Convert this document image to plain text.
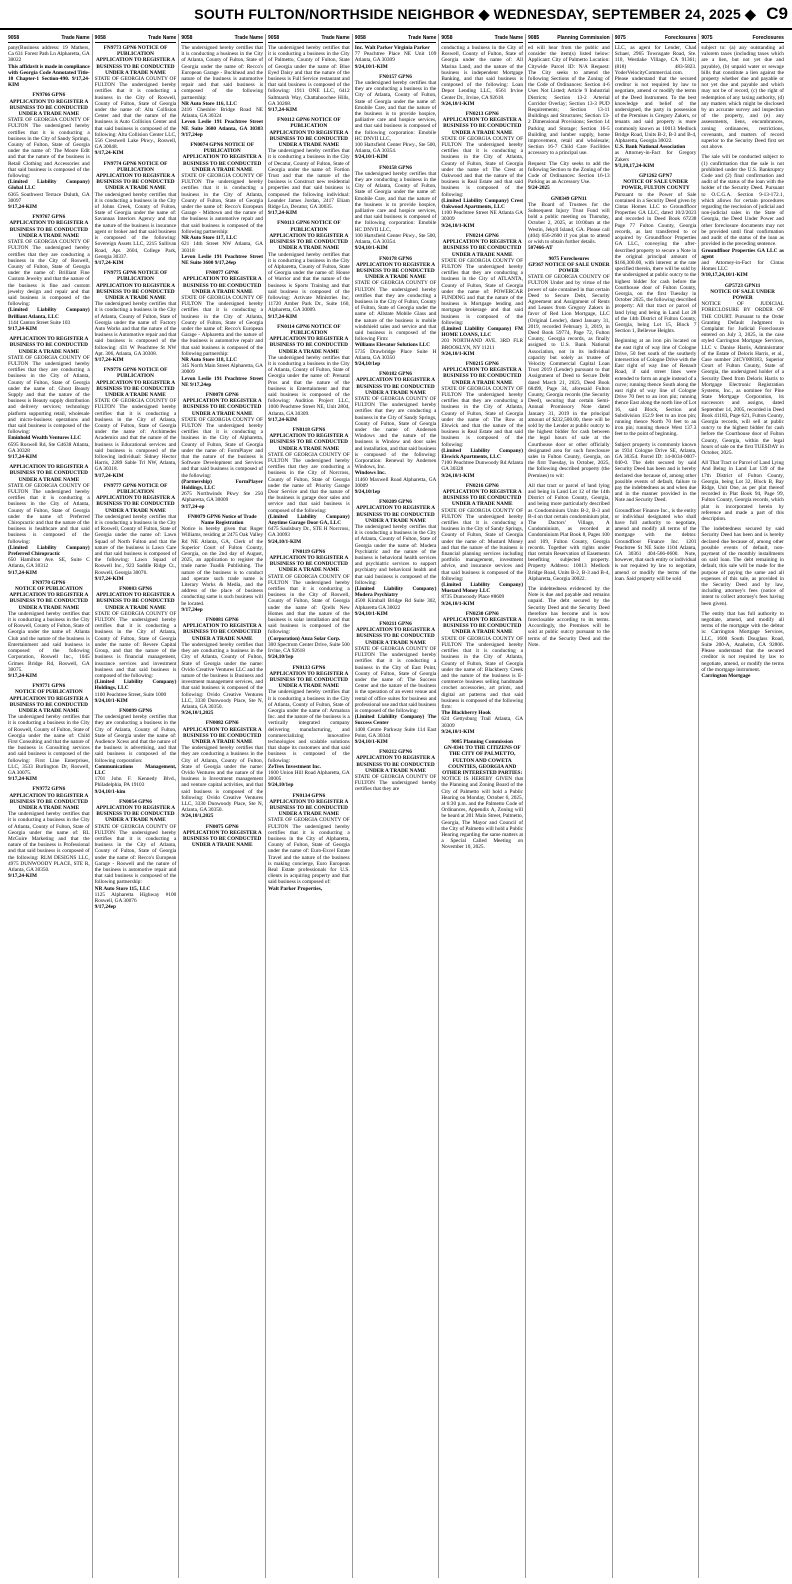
SOUTH FULTON/NORTHSIDE NEIGHBOR ◆ WEDNESDAY, SEPTEMBER 24, 2025 ◆ C9
9058	Trade Name
pany(Business address: 19 Mathers, Ca 631 Forest Path Ln Alpharetta, GA 30022
This affidavit is made in compliance with Georgia Code Annotated Title-10 Chapter-1 Section-490. 9/17,24-KIM
FN9766 GPN6
APPLICATION TO REGISTER A BUSINESS TO BE CONDUCTED UNDER A TRADE NAME
STATE OF GEORGIA COUNTY OF FULTON The undersigned hereby certifies that it is conducting a business in the City of Sandy Springs, County of Fulton, State of Georgia under the name of: The Moore Edit and that the nature of the business is Retail Clothing and Accessories and that said business is composed of the following:
(Limited Liability Company) Global LLC
6365 Southwest Terrace Duluth, GA 30097
9/17,24-KIM
FN9767 GPN6
APPLICATION TO REGISTER A BUSINESS TO BE CONDUCTED UNDER A TRADE NAME
STATE OF GEORGIA COUNTY OF FULTON The undersigned hereby certifies that they are conducting a business in the City of Roswell, County of Fulton, State of Georgia under the name of: Brilliant Fine Custom Jewelry and that the nature of the business is fine and custom jewelry design and repair and that said business is composed of the following:
(Limited Liability Company) Brilliant Atlanta, LLC
1144 Canton Street Suite 103
9/17,24-KIM
APPLICATION TO REGISTER A BUSINESS TO BE CONDUCTED UNDER A TRADE NAME
STATE OF GEORGIA COUNTY OF FULTON The undersigned hereby certifies that they are conducting a business in the City of Atlanta, County of Fulton, State of Georgia under the name of: Ghost Beauty Supply and that the nature of the business is Beauty supply distribution and delivery services; technology platform supporting retail, wholesale and micro-business operations and that said business is composed of the following:
Eminhold Wealth Ventures LLC
6595 Roswell Rd, Ste G4638 Atlanta, GA 30328
9/17,24-KIM
APPLICATION TO REGISTER A BUSINESS TO BE CONDUCTED UNDER A TRADE NAME
STATE OF GEORGIA COUNTY OF FULTON The undersigned hereby certifies that it is conducting a business in the City of Atlanta, County of Fulton, State of Georgia under the name of: Preferred Chiropractic and that the nature of the business is healthcare and that said business is composed of the following:
(Limited Liability Company) Preferred Chiropractic
650 Hamilton Ave. SE, Suite C Atlanta, GA 30312
9/17,24-KIM
FN9770 GPN6
NOTICE OF PUBLICATION APPLICATION TO REGISTER A BUSINESS TO BE CONDUCTED UNDER A TRADE NAME
The undersigned hereby certifies that it is conducting a business in the City of Roswell, County of Fulton, State of Georgia under the name of: Atlanta Club and the nature of the business is Entertainment and said business is composed of the following Corporation, Roswell Inc., 1045 Grimes Bridge Rd, Roswell, GA 30075.
9/17,24-KIM
FN9771 GPN6
NOTICE OF PUBLICATION APPLICATION TO REGISTER A BUSINESS TO BE CONDUCTED UNDER A TRADE NAME
The undersigned hereby certifies that it is conducting a business in the City of Roswell, County of Fulton, State of Georgia under the name of: Child First Consulting and that the nature of the business is Consulting services and said business is composed of the following: First Line Enterprises, LLC, 3533 Burlington Dr, Roswell, GA 30075.
9/17,24-KIM
FN9772 GPN6
APPLICATION TO REGISTER A BUSINESS TO BE CONDUCTED UNDER A TRADE NAME
The undersigned hereby certifies that it is conducting a business in the City of Atlanta, County of Fulton, State of Georgia under the name of: RL McGuire Marketing and that the nature of the business is Professional and that said business is composed of the following: RLM DESIGNS LLC, 4975 DUNWOODY PLACE, STE R, Atlanta, GA 30350.
9/17,24-KIM
9058	Trade Name
FN9773 GPN6 NOTICE OF PUBLICATION
APPLICATION TO REGISTER A BUSINESS TO BE CONDUCTED UNDER A TRADE NAME
STATE OF GEORGIA COUNTY OF FULTON The undersigned hereby certifies that it is conducting a business in the City of Roswell, County of Fulton, State of Georgia under the name of: Alta Collision Center and that the nature of the business is Auto Collision Center and that said business is composed of the following: Alta Collision Center LLC, 556 Crestwell Lake Pkwy., Roswell, GA 30048.
9/17,24-KIM
FN9774 GPN6 NOTICE OF PUBLICATION
APPLICATION TO REGISTER A BUSINESS TO BE CONDUCTED UNDER A TRADE NAME
The undersigned hereby certifies that it is conducting a business in the City of Johns Creek, County of Fulton, State of Georgia under the name of: Savannas Interiors Agency and that the nature of the business is insurance agent or broker and that said business is composed of the following: Sovereign Assets LLC, 2215 Sullivan Road, Apt. 2604, College Park, Georgia 30337.
9/17,24-KIM
FN9775 GPN6 NOTICE OF PUBLICATION
APPLICATION TO REGISTER A BUSINESS TO BE CONDUCTED UNDER A TRADE NAME
The undersigned hereby certifies that it is conducting a business in the City of Atlanta, County of Fulton, State of Georgia under the name of: Factory Auto Works and that the nature of the business is Automotive repair and that said business is composed of the following: 431 W Peachtree St NW Apt. 306, Atlanta, GA 30308.
9/17,24-KIM
FN9776 GPN6 NOTICE OF PUBLICATION
APPLICATION TO REGISTER A BUSINESS TO BE CONDUCTED UNDER A TRADE NAME
STATE OF GEORGIA COUNTY OF FULTON The undersigned hereby certifies that it is conducting a business in the City of Atlanta, County of Fulton, State of Georgia under the name of: Archimedes Academics and that the nature of the business is Educational services and said business is composed of the following individual: Sidney Hector Harris, 2289 Sable Trl NW, Atlanta, GA 30318.
9/17,24-KIM
FN9777 GPN6 NOTICE OF PUBLICATION
APPLICATION TO REGISTER A BUSINESS TO BE CONDUCTED UNDER A TRADE NAME
The undersigned hereby certifies that it is conducting a business in the City of Roswell, County of Fulton, State of Georgia under the name of: Lawn Squad of North Fulton and that the nature of the business is Lawn Care and that said business is composed of the following: Lawn Squad of Roswell Inc., 923 Saddle Ridge Ct., Roswell, Georgia 30076.
9/17,24-KIM
FN0083 GPN6
APPLICATION TO REGISTER A BUSINESS TO BE CONDUCTED UNDER A TRADE NAME
STATE OF GEORGIA COUNTY OF FULTON The undersigned hereby certifies that it is conducting a business in the City of Atlanta, County of Fulton, State of Georgia under the name of: Revere Capital Group, and that the nature of the business is financial management, insurance services and investment business and that said business is composed of the following:
(Limited Liability Company) Holdings, LLC
1100 Peachtree Street, Suite 1000
9/24,10/1-KIM
FN0099 GPN6
The undersigned hereby certifies that they are conducting a business in the City of Atlanta, County of Fulton, State of Georgia under the name of: Audience Xcess and that the nature of the business is advertising, and that said business is composed of the following corporation:
Communications Management, LLC
1701 John F. Kennedy Blvd., Philadelphia, PA 19103
9/24,10/1-kim
FN0054 GPN6
APPLICATION TO REGISTER A BUSINESS TO BE CONDUCTED UNDER A TRADE NAME
STATE OF GEORGIA COUNTY OF FULTON The undersigned hereby certifies that it is conducting a business in the City of Atlanta, County of Fulton, State of Georgia under the name of: Recco's European Garage - Roswell and the nature of the business is automotive repair and that said business is composed of the following partnership:
NR Auto Store 115, LLC
1125 Alpharetta Highway #100 Roswell, GA 30076
9/17,24ep
9058	Trade Name
The undersigned hereby certifies that it is conducting a business in the City of Atlanta, County of Fulton, State of Georgia under the name of: Recco's European Garage - Buckhead and the nature of the business is automotive repair and that said business is composed of the following partnership:
NR Auto Store 116, LLC
2416 Cheshire Bridge Road NE Atlanta, GA 30324
Levon Leslie 191 Peachtree Street NE Suite 3600 Atlanta, GA 30303 9/17,24ep
FN0074 GPN6 NOTICE OF PUBLICATION
APPLICATION TO REGISTER A BUSINESS TO BE CONDUCTED UNDER A TRADE NAME
STATE OF GEORGIA COUNTY OF FULTON The undersigned hereby certifies that it is conducting a business in the City of Atlanta, County of Fulton, State of Georgia under the name of: Recco's European Garage - Midtown and the nature of the business is automotive repair and that said business is composed of the following partnership:
NR Auto Store 117, LLC
621 14th Street NW Atlanta, GA 30318
Levon Leslie 191 Peachtree Street NE Suite 3600 9/17,24ep
FN0077 GPN6
APPLICATION TO REGISTER A BUSINESS TO BE CONDUCTED UNDER A TRADE NAME
STATE OF GEORGIA COUNTY OF FULTON The undersigned hereby certifies that it is conducting a business in the City of Atlanta, County of Fulton, State of Georgia under the name of: Recco's European Garage - Alpharetta and the nature of the business is automotive repair and that said business is composed of the following partnership:
NR Auto Store 118, LLC
345 North Main Street Alpharetta, GA 30009
Levon Leslie 191 Peachtree Street NE 9/17,24ep
FN0078 GPN6
APPLICATION TO REGISTER A BUSINESS TO BE CONDUCTED UNDER A TRADE NAME
STATE OF GEORGIA COUNTY OF FULTON The undersigned hereby certifies that it is conducting a business in the City of Alpharetta, County of Fulton, State of Georgia under the name of: FormPlayer and that the nature of the business is Software Development and Services and that said business is composed of the following:
(Partnership) FormPlayer Holdings, LLC
2675 Northwinds Pkwy Ste 250 Alpharetta, GA 30009
9/17,24-ep
FN0079 GPN6 Notice of Trade Name Registration
Notice is hereby given that Roger Williams, residing at 2475 Oak Valley Rd NE Atlanta, GA, Clerk of the Superior Court of Fulton County, Georgia, on the 2nd day of August, 2025, an application to register the trade name Toadik Publishing. The nature of the business is to conduct and operate such trade name is Literary Works & Media, and the address of the place of business conducting same is such business will be located.
9/17,24ep
FN0081 GPN6
APPLICATION TO REGISTER A BUSINESS TO BE CONDUCTED UNDER A TRADE NAME
The undersigned hereby certifies that they are conducting a business in the City of Atlanta, County of Fulton, State of Georgia under the name: Ovido Creative Ventures LLC and the nature of the business is Business and investment management services, and that said business is composed of the following: Ovido Creative Ventures LLC, 3330 Dunwoody Place, Ste N, Atlanta, GA 30350.
9/24,10/1,2025
FN0082 GPN6
APPLICATION TO REGISTER A BUSINESS TO BE CONDUCTED UNDER A TRADE NAME
The undersigned hereby certifies that they are conducting a business in the City of Atlanta, County of Fulton, State of Georgia under the name: Ovido Ventures and the nature of the business is Investment management and venture capital activities, and that said business is composed of the following: Ovido Creative Ventures LLC, 3330 Dunwoody Place, Ste N, Atlanta, GA 30350.
9/24,10/1,2025
FN0075 GPN6
APPLICATION TO REGISTER A BUSINESS TO BE CONDUCTED UNDER A TRADE NAME
9058	Trade Name
The undersigned hereby certifies that it is conducting a business in the City of Palmetto, County of Fulton, State of Georgia under the name of: Blue Eyed Daisy and that the nature of the business is Full Service restaurant and that said business is composed of the following: 1911 ONE LLC, 6412 Saltmarsh Way, Chattahoochee Hills, GA 30268.
9/17,24-KIM
FN0112 GPN6 NOTICE OF PUBLICATION
APPLICATION TO REGISTER A BUSINESS TO BE CONDUCTED UNDER A TRADE NAME
The undersigned hereby certifies that it is conducting a business in the City of Decatur, County of Fulton, State of Georgia under the name of: Fortion Trust and that the nature of the business is Construct new residential properties and that said business is composed the following individual: Leander James Jordan, 2417 Eliam Ridge Ln, Decatur, GA 30035.
9/17,24-KIM
FN0113 GPN6 NOTICE OF PUBLICATION
APPLICATION TO REGISTER A BUSINESS TO BE CONDUCTED UNDER A TRADE NAME
The undersigned hereby certifies that it is conducting a business in the City of Alpharetta, County of Fulton, State of Georgia under the name of: House of Warrior and that the nature of the business is Sports Training and that said business is composed of the following: Activate Ministries Inc, 11720 Amber Park Dr., Suite 160, Alpharetta, GA 30009.
9/17,24-KIM
FN0114 GPN6 NOTICE OF PUBLICATION
APPLICATION TO REGISTER A BUSINESS TO BE CONDUCTED UNDER A TRADE NAME
The undersigned hereby certifies that it is conducting a business in the City of Atlanta, County of Fulton, State of Georgia under the name of: Prenatal Pros and that the nature of the business is Entertainment and that said business is composed of the following: Audition Project LLC, 1000 Peachtree Street NE, Unit 2804, Atlanta, GA 30309.
9/17,24-KIM
FN0118 GPN6
APPLICATION TO REGISTER A BUSINESS TO BE CONDUCTED UNDER A TRADE NAME
STATE OF GEORGIA COUNTY OF FULTON The undersigned hereby certifies that they are conducting a business in the City of Norcross, County of Fulton, State of Georgia under the name of: Priority Garage Door Service and that the nature of the business is garage door sales and service and that said business is composed of the following:
(Limited Liability Company) Anytime Garage Door GA, LLC
6475 Saulsbury Dr., STE H Norcross, GA 30093
9/24,10/1-KIM
FN0119 GPN6
APPLICATION TO REGISTER A BUSINESS TO BE CONDUCTED UNDER A TRADE NAME
STATE OF GEORGIA COUNTY OF FULTON The undersigned hereby certifies that it is conducting a business in the City of Roswell, County of Fulton, State of Georgia under the name of: Qcells New Homes and that the nature of the business is solar installation and that said business is composed of the following:
(Corporation) Anza Solar Corp.
300 Spectrum Center Drive, Suite 500 Irvine, CA 92618
9/24,10/1ep
FN0133 GPN6
APPLICATION TO REGISTER A BUSINESS TO BE CONDUCTED UNDER A TRADE NAME
The undersigned hereby certifies that it is conducting a business in the City of Atlanta, County of Fulton, State of Georgia under the name of: Armatura Inc. and the nature of the business is a vertically integrated company delivering manufacturing, and commercializing innovative technologies and scalable solutions that shape its customers and that said business is composed of the following:
ZeTrex Investment Inc.
1600 Union Hill Road Alpharetta, GA 30005
9/24,10/1ep
FN0134 GPN6
APPLICATION TO REGISTER A BUSINESS TO BE CONDUCTED UNDER A TRADE NAME
STATE OF GEORGIA COUNTY OF FULTON The undersigned hereby certifies that it is conducting a business in the City of Alpharetta, County of Fulton, State of Georgia under the name of: Euro-Excel Estate Travel and the nature of the business is making concierge, Euro European Real Estate professionals for U.S. clients in acquiring property and that said business is composed of:
Walt Parker Properties,
9058	Trade Name
Inc. Walt Parker Virginia Parker
77 Peachtree Place NE Unit 109 Atlanta, GA 30309
9/24,10/1-KIM
FN0157 GPN6
The undersigned hereby certifies that they are conducting a business in the City of Atlanta, County of Fulton, State of Georgia under the name of: Emobile Care, and that the nature of the business is to provide hospice, palliative care and hospice services, and that said business is composed of the following corporation: Emobile HC DNVII LLC,
100 Hartsfield Center Pkwy., Ste 500, Atlanta, GA 30354.
9/24,10/1-KIM
FN0158 GPN6
The undersigned hereby certifies that they are conducting a business in the City of Atlanta, County of Fulton, State of Georgia under the name of: Emobile Care, and that the nature of the business is to provide hospice, palliative care and hospice services, and that said business is composed of the following corporation: Emobile HC DNVII LLC,
100 Hartsfield Center Pkwy., Ste 500, Atlanta, GA 30354.
9/24,10/1-KIM
FN0178 GPN6
APPLICATION TO REGISTER A BUSINESS TO BE CONDUCTED UNDER A TRADE NAME
STATE OF GEORGIA COUNTY OF FULTON The undersigned hereby certifies that they are conducting a business in the City of Fulton, County of Fulton, State of Georgia under the name of: Allstate Mobile Glass and the nature of the business is mobile windshield sales and service and that said business is composed of the following Firm:
Williams Elevator Solutions LLC
5735 Drawbridge Place Suite H Atlanta, GA 30350
9/24,10/1ep
FN0182 GPN6
APPLICATION TO REGISTER A BUSINESS TO BE CONDUCTED UNDER A TRADE NAME
STATE OF GEORGIA COUNTY OF FULTON The undersigned hereby certifies that they are conducting a business in the City of Sandy Springs, County of Fulton, State of Georgia under the name of: Andersen Windows and the nature of the business is Window and door sales and installation, and that said business is composed of the following: Corporation: Renewal by Andersen Windows, Inc.
Windows Inc.
11460 Maxwell Road Alpharetta, GA 30009
9/24,10/1ep
FN0209 GPN6
APPLICATION TO REGISTER A BUSINESS TO BE CONDUCTED UNDER A TRADE NAME
The undersigned hereby certifies that it is conducting a business in the City of Atlanta, County of Fulton, State of Georgia under the name of: Modera Psychiatric and the nature of the business is behavioral health services and psychiatric services to support psychiatry and behavioral health and that said business is composed of the following:
(Limited Liability Company) Modera Psychiatry
4500 Kimball Bridge Rd Suite 302, Alpharetta GA 30022
9/24,10/1-KIM
FN0211 GPN6
APPLICATION TO REGISTER A BUSINESS TO BE CONDUCTED UNDER A TRADE NAME
STATE OF GEORGIA COUNTY OF FULTON The undersigned hereby certifies that it is conducting a business in the City of East Point, County of Fulton, State of Georgia under the name of: The Success Center and the nature of the business is the operation of an event venue and rental of office suites for business and professional use and that said business is composed of the following:
(Limited Liability Company) The Success Center
1400 Centre Parkway Suite 114 East Point, GA 30344
9/24,10/1-KIM
FN0212 GPN6
APPLICATION TO REGISTER A BUSINESS TO BE CONDUCTED UNDER A TRADE NAME
STATE OF GEORGIA COUNTY OF FULTON The undersigned hereby certifies that they are
9058	Trade Name
conducting a business in the City of Roswell, County of Fulton, State of Georgia under the name of: All Marina Land, and the nature of the business is independent Mortgage Banking, and that said business is composed of the following: Loan Depot Lending LLC, 6561 Irvine Center Dr., Irvine, CA 92618.
9/24,10/1-KIM
FN0213 GPN6
APPLICATION TO REGISTER A BUSINESS TO BE CONDUCTED UNDER A TRADE NAME
STATE OF GEORGIA COUNTY OF FULTON The undersigned hereby certifies that it is conducting a business in the City of Atlanta, County of Fulton, State of Georgia under the name of: The Crest at Oakwood and that the nature of the business is Real Estate and that said business is composed of the following:
(Limited Liability Company) Crest Oakwood Apartments, LLC
1100 Peachtree Street NE Atlanta GA 30309
9/24,10/1-KIM
FN0214 GPN6
APPLICATION TO REGISTER A BUSINESS TO BE CONDUCTED UNDER A TRADE NAME
STATE OF GEORGIA COUNTY OF FULTON The undersigned hereby certifies that they are conducting a business in the City of ATLANTA, County of Fulton, State of Georgia under the name of: POWERCAR FUNDING and that the nature of the business is Mortgage lending and mortgage brokerage and that said business is composed of the following:
(Limited Liability Company) FM HOME LOANS, LLC
203 NORTHAND AVE. 3RD FLR BROOKLYN, NY 11211
9/24,10/1-KIM
FN0215 GPN6
APPLICATION TO REGISTER A BUSINESS TO BE CONDUCTED UNDER A TRADE NAME
STATE OF GEORGIA COUNTY OF FULTON The undersigned hereby certifies that they are conducting a business in the City of Atlanta, County of Fulton, State of Georgia under the name of: The Row at Elswick and that the nature of the business is Real Estate and that said business is composed of the following:
(Limited Liability Company) Elswick Apartments, LLC
7100 Peachtree Dunwoody Rd Atlanta GA 30328
9/24,10/1-KIM
FN0216 GPN6
APPLICATION TO REGISTER A BUSINESS TO BE CONDUCTED UNDER A TRADE NAME
STATE OF GEORGIA COUNTY OF FULTON The undersigned hereby certifies that it is conducting a business in the City of Sandy Springs, County of Fulton, State of Georgia under the name of: Mustard Money and that the nature of the business is financial planning services including portfolio management, investment advice, and insurance services and that said business is composed of the following:
(Limited Liability Company) Mustard Money LLC
8735 Dunwoody Place #8609
9/24,10/1-KIM
FN0230 GPN6
APPLICATION TO REGISTER A BUSINESS TO BE CONDUCTED UNDER A TRADE NAME
STATE OF GEORGIA COUNTY OF FULTON The undersigned hereby certifies that it is conducting a business in the City of Atlanta, County of Fulton, State of Georgia under the name of: Blackberry Creek and the nature of the business is E-commerce business selling handmade crochet accessories, art prints, and digital art patterns and that said business is composed of the following firm:
The Blackberry Hook
624 Gettysburg Trail Atlanta, GA 30309
9/24,10/1-KIM
9085 Planning Commission
GN-8341 TO THE CITIZENS OF THE CITY OF PALMETTO, FULTON AND COWETA COUNTIES, GEORGIA AND OTHER INTERESTED PARTIES:
NOTICE IS HEREBY GIVEN that the Planning and Zoning Board of the City of Palmetto will hold a Public Hearing on Monday, October 6, 2025, at 6:30 p.m. and the Palmetto Code of Ordinances, Appendix A, Zoning will be heard at 201 Main Street, Palmetto, Georgia, The Mayor and Council of the City of Palmetto will hold a Public Hearing regarding the same matters at a Special Called Meeting on November 10, 2025.
9085	Planning Commission
ed will hear from the public and consider the item(s) listed below: Applicant: City of Palmetto Location: Citywide Parcel ID: N/A Request: The City seeks to amend the following Sections of the Zoning of the Code of Ordinances: Section 4-6 Uses Not Listed; Article 9 Industrial Districts; Section 13-2 Arterial Corridor Overlay; Section 13-3 PUD Requirements; Section 13-11 Buildings and Structures; Section 13-2 Dimensional Provisions; Section 14 Parking and Storage; Section 16-5 Building and lumber supply, home improvement, retail and wholesale; Section 16-7 Child Care Facilities accessory to a principal use.
Request: The City seeks to add the following Section to the Zoning of the Code of Ordinances: Section 16-13 Parking as an Accessory Use.
9/24-2025
GN8349 GPN11
The Board of Trustees for the Subsequent Injury Trust Fund will hold a public meeting on Thursday, October 2, 2025, at 10:00am at the Westin, Jekyll Island, GA. Please call (404) 656-2600 if you plan to attend or wish to obtain further details.
507466-AT
9075 Foreclosures
GP367 NOTICE OF SALE UNDER POWER
STATE OF GEORGIA COUNTY OF FULTON Under and by virtue of the power of sale contained in that certain Deed to Secure Debt, Security Agreement and Assignment of Rents and Leases from Gregory Zakers in favor of Red Lion Mortgage, LLC (Original Lender), dated January 31, 2019, recorded February 3, 2019, in Deed Book 59774, Page 72, Fulton County, Georgia records, as finally assigned to U.S. Bank National Association, not in its individual capacity but solely as trustee of Velocity Commercial Capital Loan Trust 2019 (Lender) pursuant to that Assignment of Deed to Secure Debt dated March 21, 2023, Deed Book 68499, Page 34, aforesaid Fulton County, Georgia records (the Security Deed), securing that certain Semi-Annual Promissory Note dated January 31, 2019 in the principal amount of $232,500.00, there will be sold by the Lender at public outcry to the highest bidder for cash between the legal hours of sale at the Courthouse door or other officially designated area for such foreclosure sales in Fulton County, Georgia, on the first Tuesday, in October, 2025, the following described property (the Premises) to wit:
All that tract or parcel of land lying and being in Land Lot 12 of the 14th District of Fulton County, Georgia, and being more particularly described as Condominium Units B-2, B-3 and B-4 on that certain condominium plat, The Dactors' Village, A Condominium, as recorded at Condominium Plat Book 8, Pages 100 and 109, Fulton County, Georgia records. Together with rights under that certain Reservation of Easements benefiting subjected property. Property Address: 10013 Medlock Bridge Road, Units B-2, B-3 and B-4, Alpharetta, Georgia 30022.
The indebtedness evidenced by the Note is due and payable and remains unpaid. The debt secured by the Security Deed and the Security Deed therefore has become and is now foreclosable according to its terms. Accordingly, the Premises will be sold at public outcry pursuant to the terms of the Security Deed and the Note.
9075	Foreclosures
LLC, as agent for Lender, Chad Schaer, 2965 Townsgate Road, Ste. 110, Westlake Village, CA 91361; (818) 483-5823. YoderVelocityCommercial.com. Please understand that the secured creditor is not required by law to negotiate, amend or modify the terms of the Deed Instrument. To the best knowledge and belief of the undersigned, the party in possession of the Premises is Gregory Zakers, or tenants and said property is more commonly known as 10013 Medlock Bridge Road, Units B-2, B-3 and B-4, Alpharetta, Georgia 30022.
U.S. Bank National Association
as Attorney-in-Fact for Gregory Zakers
9/3,10,17,24-KIM
GP1262 GPN7
NOTICE OF SALE UNDER POWER, FULTON COUNTY
Pursuant to the Power of Sale contained in a Security Deed given by Cintas Homes LLC to Groundfloor Properties GA LLC, dated 10/2/2023 and recorded in Deed Book 67238 Page 77 Fulton County, Georgia records, as last transferred to or acquired by Groundfloor Properties GA LLC, conveying the after-described property to secure a Note in the original principal amount of $166,300.00, with interest at the rate specified therein, there will be sold by the undersigned at public outcry to the highest bidder for cash before the Courthouse door of Fulton County, Georgia, on the first Tuesday in October 2025, the following described property: All that tract or parcel of land lying and being in Land Lot 28 of the 14th District of Fulton County, Georgia, being Lot 15, Block 7 Section 1, Bellevue Heights.
Beginning at an iron pin located on the east right of way line of Cologne Drive, 50 feet south of the southerly intersection of Cologne Drive with the East right of way line of Renault Road, if said street lines were extended to form an angle instead of a curve; running thence South along the east right of way line of Cologne Drive 70 feet to an iron pin; running thence East along the north line of Lot 16, said Block, Section and Subdivision 152.9 feet to an iron pin; running thence North 70 feet to an iron pin; running thence West 137.3 feet to the point of beginning.
Subject property is commonly known as 1934 Cologne Drive SE, Atlanta, GA 30354. Parcel ID: 14-0034-0007-040-0. The debt secured by said Security Deed has been and is hereby declared due because of, among other possible events of default, failure to pay the indebtedness as and when due and in the manner provided in the Note and Security Deed.
Groundfloor Finance Inc., is the entity or individual designated who shall have full authority to negotiate, amend and modify all terms of the mortgage with the debtor. Groundfloor Finance Inc. 1201 Peachtree St NE Suite 1104 Atlanta, GA 30361 404-566-0600. Note, however, that such entity or individual is not required by law to negotiate, amend or modify the terms of the loan. Said property will be sold
9075	Foreclosures
subject to: (a) any outstanding ad valorem taxes (including taxes which are a lien, but not yet due and payable), (b) unpaid water or sewage bills that constitute a lien against the property whether due and payable or not yet due and payable and which may not be of record, (c) the right of redemption of any taxing authority, (d) any matters which might be disclosed by an accurate survey and inspection of the property, and (e) any assessments, liens, encumbrances, zoning ordinances, restrictions, covenants, and matters of record superior to the Security Deed first set out above.
The sale will be conducted subject to (1) confirmation that the sale is not prohibited under the U.S. Bankruptcy Code and (2) final confirmation and audit of the status of the loan with the holder of the Security Deed. Pursuant to O.C.G.A. Section 9-13-172.1, which allows for certain procedures regarding the rescission of judicial and non-judicial sales in the State of Georgia, the Deed Under Power and other foreclosure documents may not be provided until final confirmation and audit of the status of the loan as provided in the preceding sentence.
Groundfloor Properties GA LLC as agent
and Attorney-in-Fact for Cintas Homes LLC
9/10,17,24,10/1-KIM
GP5723 GPN11
NOTICE OF SALE UNDER POWER
NOTICE OF JUDICIAL FORECLOSURE BY ORDER OF THE COURT. Pursuant to the Order Granting Default Judgment in Complaint for Judicial Foreclosure entered on July 3, 2025, in the case styled Carrington Mortgage Services, LLC v. Danise Harris, Administrator of the Estate of Deloris Harris, et al., Case number 24CV008183, Superior Court of Fulton County, State of Georgia, the undersigned holder of a Security Deed from Deloris Harris to Mortgage Electronic Registration Systems, Inc., as nominee for Pine State Mortgage Corporation, its successors and assigns, dated September 14, 2005, recorded in Deed Book 41183, Page 621, Fulton County, Georgia records, will sell at public outcry to the highest bidder for cash before the Courthouse door of Fulton County, Georgia, within the legal hours of sale on the first TUESDAY in October, 2025.
All That Tract or Parcel of Land Lying And Being in Land Lot 139 of the 17th District of Fulton County, Georgia, being Lot 32, Block B, Bay Ridge, Unit One, as per plat thereof recorded in Plat Book 94, Page 99, Fulton County, Georgia records, which plat is incorporated herein by reference and made a part of this description.
The indebtedness secured by said Security Deed has been and is hereby declared due because of, among other possible events of default, non-payment of the monthly installments on said loan. The debt remaining in default, this sale will be made for the purpose of paying the same and all expenses of this sale, as provided in the Security Deed and by law, including attorney's fees (notice of intent to collect attorney's fees having been given).
The entity that has full authority to negotiate, amend, and modify all terms of the mortgage with the debtor is: Carrington Mortgage Services, LLC, 1600 South Douglass Road, Suite 200-A, Anaheim, CA 92806. Please understand that the secured creditor is not required by law to negotiate, amend, or modify the terms of the mortgage instrument.
Carrington Mortgage
